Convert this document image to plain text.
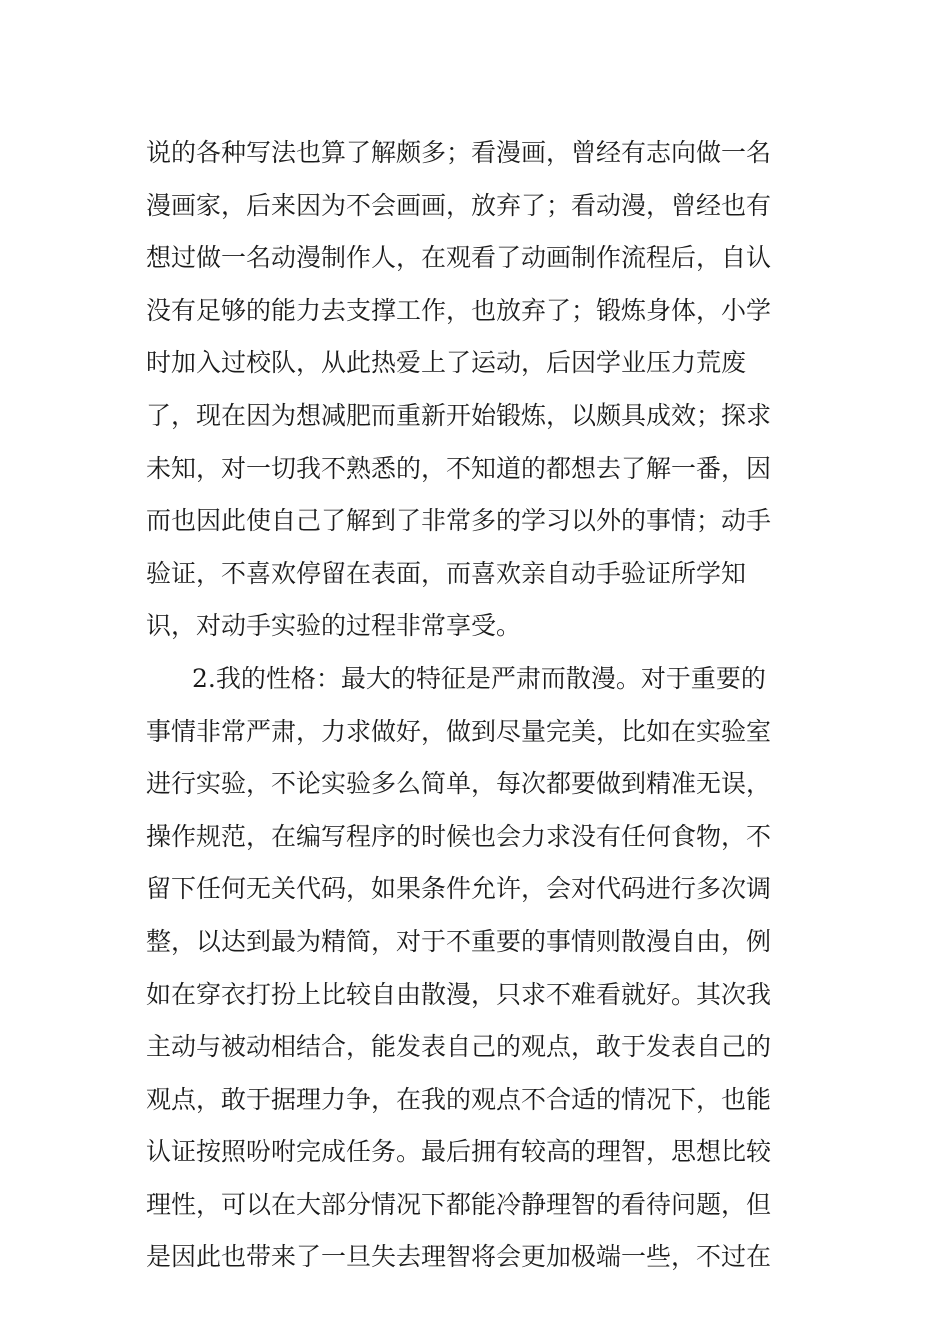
说的各种写法也算了解颇多；看漫画，曾经有志向做一名
漫画家，后来因为不会画画，放弃了；看动漫，曾经也有
想过做一名动漫制作人，在观看了动画制作流程后，自认
没有足够的能力去支撑工作，也放弃了；锻炼身体，小学
时加入过校队，从此热爱上了运动，后因学业压力荒废
了，现在因为想减肥而重新开始锻炼，以颇具成效；探求
未知，对一切我不熟悉的，不知道的都想去了解一番，因
而也因此使自己了解到了非常多的学习以外的事情；动手
验证，不喜欢停留在表面，而喜欢亲自动手验证所学知
识，对动手实验的过程非常享受。
2.我的性格：最大的特征是严肃而散漫。对于重要的
事情非常严肃，力求做好，做到尽量完美，比如在实验室
进行实验，不论实验多么简单，每次都要做到精准无误，
操作规范，在编写程序的时候也会力求没有任何食物，不
留下任何无关代码，如果条件允许，会对代码进行多次调
整，以达到最为精简，对于不重要的事情则散漫自由，例
如在穿衣打扮上比较自由散漫，只求不难看就好。其次我
主动与被动相结合，能发表自己的观点，敢于发表自己的
观点，敢于据理力争，在我的观点不合适的情况下，也能
认证按照吩咐完成任务。最后拥有较高的理智，思想比较
理性，可以在大部分情况下都能冷静理智的看待问题，但
是因此也带来了一旦失去理智将会更加极端一些，不过在
